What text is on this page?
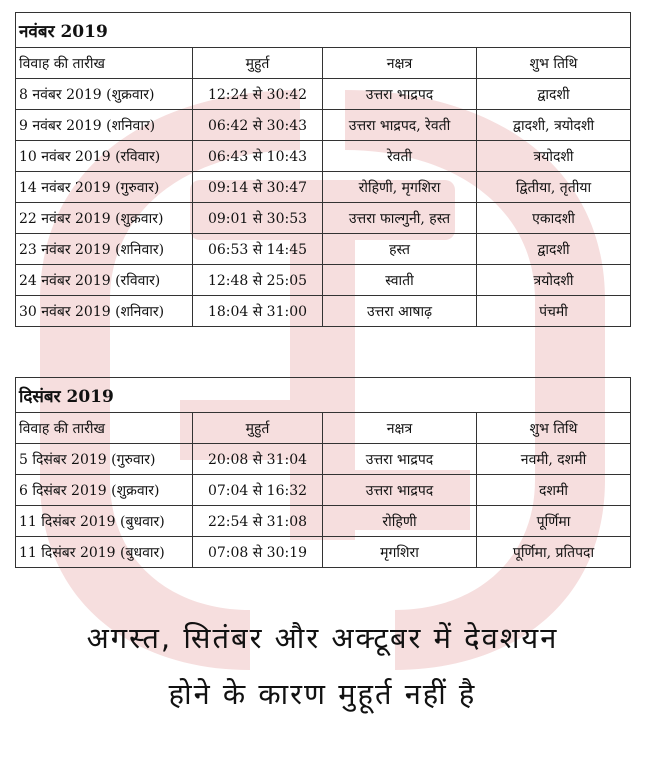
नवंबर 2019			
विवाह की तारीख	मुहुर्त	नक्षत्र	शुभ तिथि
8 नवंबर 2019 (शुक्रवार)	12:24 से 30:42	उत्तरा भाद्रपद	द्वादशी
9 नवंबर 2019 (शनिवार)	06:42 से 30:43	उत्तरा भाद्रपद, रेवती	द्वादशी, त्रयोदशी
10 नवंबर 2019 (रविवार)	06:43 से 10:43	रेवती	त्रयोदशी
14 नवंबर 2019 (गुरुवार)	09:14 से 30:47	रोहिणी, मृगशिरा	द्वितीया, तृतीया
22 नवंबर 2019 (शुक्रवार)	09:01 से 30:53	उत्तरा फाल्गुनी, हस्त	एकादशी
23 नवंबर 2019 (शनिवार)	06:53 से 14:45	हस्त	द्वादशी
24 नवंबर 2019 (रविवार)	12:48 से 25:05	स्वाती	त्रयोदशी
30 नवंबर 2019 (शनिवार)	18:04 से 31:00	उत्तरा आषाढ़	पंचमी
दिसंबर 2019			
विवाह की तारीख	मुहुर्त	नक्षत्र	शुभ तिथि
5 दिसंबर 2019 (गुरुवार)	20:08 से 31:04	उत्तरा भाद्रपद	नवमी, दशमी
6 दिसंबर 2019 (शुक्रवार)	07:04 से 16:32	उत्तरा भाद्रपद	दशमी
11 दिसंबर 2019 (बुधवार)	22:54 से 31:08	रोहिणी	पूर्णिमा
11 दिसंबर 2019 (बुधवार)	07:08 से 30:19	मृगशिरा	पूर्णिमा, प्रतिपदा
अगस्त, सितंबर और अक्टूबर में देवशयन
होने के कारण मुहूर्त नहीं है
